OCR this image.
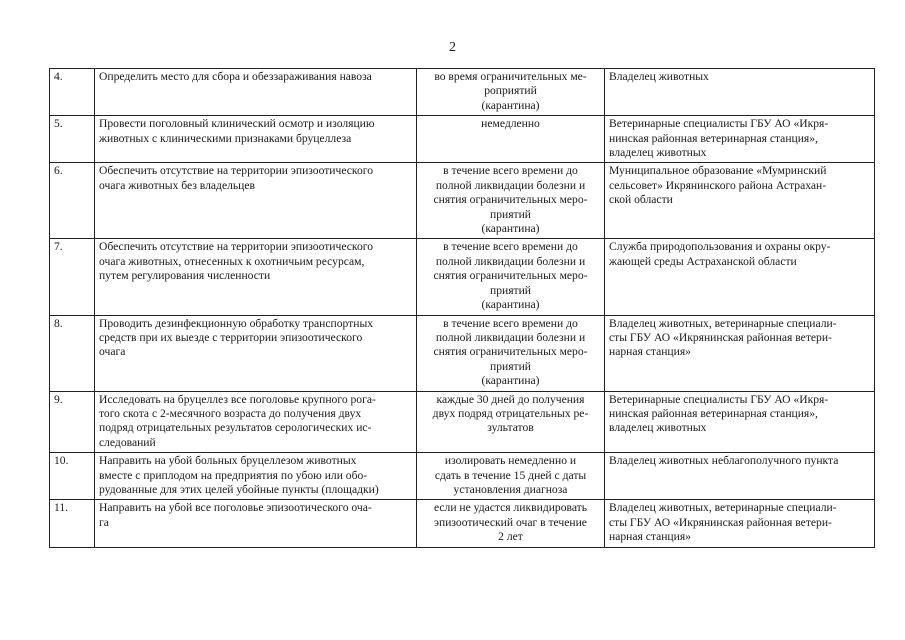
2
4.	Определить место для сбора и обеззараживания навоза	во время ограничительных ме-
роприятий
(карантина)	Владелец животных

5.	Провести поголовный клинический осмотр и изоляцию
животных с клиническими признаками бруцеллеза	немедленно	Ветеринарные специалисты ГБУ АО «Икря-
нинская районная ветеринарная станция»,
владелец животных

6.	Обеспечить отсутствие на территории эпизоотического
очага животных без владельцев	в течение всего времени до
полной ликвидации болезни и
снятия ограничительных меро-
приятий
(карантина)	Муниципальное образование «Мумринский
сельсовет» Икрянинского района Астрахан-
ской области

7.	Обеспечить отсутствие на территории эпизоотического
очага животных, отнесенных к охотничьим ресурсам,
путем регулирования численности	в течение всего времени до
полной ликвидации болезни и
снятия ограничительных меро-
приятий
(карантина)	Служба природопользования и охраны окру-
жающей среды Астраханской области

8.	Проводить дезинфекционную обработку транспортных
средств при их выезде с территории эпизоотического
очага	в течение всего времени до
полной ликвидации болезни и
снятия ограничительных меро-
приятий
(карантина)	Владелец животных, ветеринарные специали-
сты ГБУ АО «Икрянинская районная ветери-
нарная станция»

9.	Исследовать на бруцеллез все поголовье крупного рога-
того скота с 2-месячного возраста до получения двух
подряд отрицательных результатов серологических ис-
следований	каждые 30 дней до получения
двух подряд отрицательных ре-
зультатов	Ветеринарные специалисты ГБУ АО «Икря-
нинская районная ветеринарная станция»,
владелец животных

10.	Направить на убой больных бруцеллезом животных
вместе с приплодом на предприятия по убою или обо-
рудованные для этих целей убойные пункты (площадки)	изолировать немедленно и
сдать в течение 15 дней с даты
установления диагноза	Владелец животных неблагополучного пункта

11.	Направить на убой все поголовье эпизоотического оча-
га	если не удастся ликвидировать
эпизоотический очаг в течение
2 лет	Владелец животных, ветеринарные специали-
сты ГБУ АО «Икрянинская районная ветери-
нарная станция»
